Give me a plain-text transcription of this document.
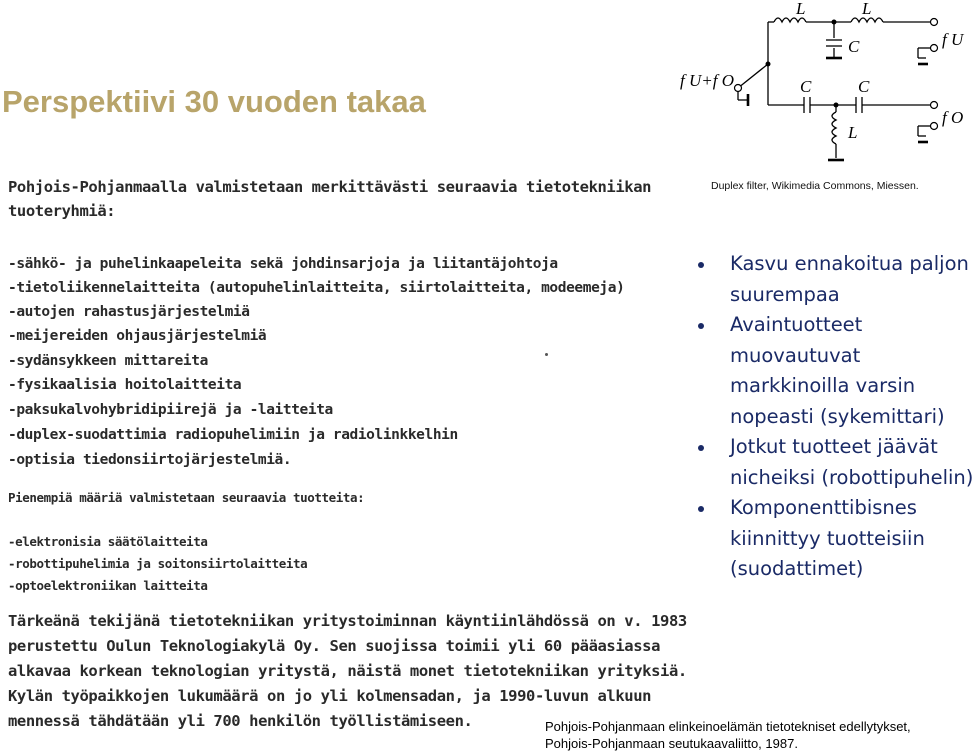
Perspektiivi 30 vuoden takaa
f U+f O
f U
f O
L	L
C
C	C
L
Duplex filter, Wikimedia Commons, Miessen.
Pohjois-Pohjanmaalla valmistetaan merkittävästi seuraavia tietotekniikan
tuoteryhmiä:
-sähkö- ja puhelinkaapeleita sekä johdinsarjoja ja liitantäjohtoja
-tietoliikennelaitteita (autopuhelinlaitteita, siirtolaitteita, modeemeja)
-autojen rahastusjärjestelmiä
-meijereiden ohjausjärjestelmiä
-sydänsykkeen mittareita
-fysikaalisia hoitolaitteita
-paksukalvohybridipiirejä ja -laitteita
-duplex-suodattimia radiopuhelimiin ja radiolinkkelhin
-optisia tiedonsiirtojärjestelmiä.
Pienempiä määriä valmistetaan seuraavia tuotteita:
-elektronisia säätölaitteita
-robottipuhelimia ja soitonsiirtolaitteita
-optoelektroniikan laitteita
Tärkeänä tekijänä tietotekniikan yritystoiminnan käyntiinlähdössä on v. 1983
perustettu Oulun Teknologiakylä Oy. Sen suojissa toimii yli 60 pääasiassa
alkavaa korkean teknologian yritystä, näistä monet tietotekniikan yrityksiä.
Kylän työpaikkojen lukumäärä on jo yli kolmensadan, ja 1990-luvun alkuun
mennessä tähdätään yli 700 henkilön työllistämiseen.
Kasvu ennakoitua paljon suurempaa
Avaintuotteet muovautuvat markkinoilla varsin nopeasti (sykemittari)
Jotkut tuotteet jäävät nicheiksi (robottipuhelin)
Komponenttibisnes kiinnittyy tuotteisiin (suodattimet)
Pohjois-Pohjanmaan elinkeinoelämän tietotekniset edellytykset,
Pohjois-Pohjanmaan seutukaavaliitto, 1987.
